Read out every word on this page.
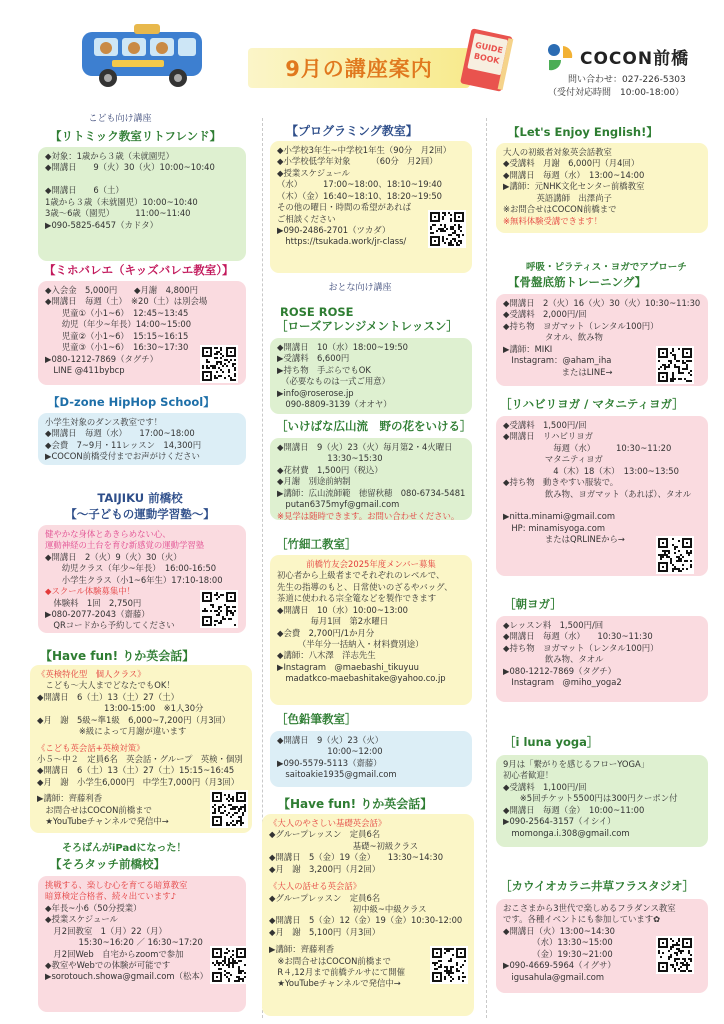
9月の講座案内
GUIDE
BOOK	COCON前橋
問い合わせ：027-226-5303
（受付対応時間　10:00-18:00）
こども向け講座
おとな向け講座
【リトミック教室リトフレンド】
◆対象：1歳から３歳（未就園児）
◆開講日　　9（火）30（火）10:00~10:40

◆開講日　　6（土）
1歳から３歳（未就園児）10:00~10:40
3歳～6歳（園児）　　　11:00~11:40
▶090-5825-6457（カドタ）
【ミホバレエ（キッズバレエ教室）】
◆入会金　5,000円　　◆月謝　4,800円
◆開講日　毎週（土）　※20（土）は別会場
　　児童①（小1~6）　12:45~13:45
　　幼児（年少~年長）14:00~15:00
　　児童②（小1~6）　15:15~16:15
　　児童③（小1~6）　16:30~17:30
▶080-1212-7869（タグチ）
　LINE @411bybcp
【D-zone HipHop School】
小学生対象のダンス教室です！
◆開講日　毎週（水）　　17:00~18:00
◆会費　7~9月・11レッスン　14,300円
▶COCON前橋受付までお声がけください
TAIJIKU 前橋校
【～子どもの運動学習塾～】
健やかな身体とあきらめない心、
運動神経の土台を育む新感覚の運動学習塾
◆開講日　2（火）9（火）30（火）
　　幼児クラス（年少~年長）　16:00-16:50
　　小学生クラス（小1~6年生）17:10-18:00
◆スクール体験募集中！
　体験料　1回　2,750円
▶080-2077-2043（齋藤）
　QRコードから予約してください
【Have fun! りか英会話】
《英検特化型　個人クラス》
　こども～大人までどなたでもOK！
◆開講日　6（土）13（土）27（土）
　　　　　　　　13:00-15:00　※1人30分
◆月　謝　5級~準1級　6,000~7,200円（月3回）
　　　　　※級によって月謝が違います

《こども英会話+英検対策》
小５～中２　定員6名　英会話・グループ　英検・個別
◆開講日　6（土）13（土）27（土）15:15~16:45
◆月　謝　小学生6,000円　中学生7,000円（月3回）

▶講師：齊藤利香
　お問合せはCOCON前橋まで
　★YouTubeチャンネルで発信中→
そろばんがiPadになった！
【そろタッチ前橋校】
挑戦する、楽しむ心を育てる暗算教室
暗算検定合格者、続々出ています♪
◆年長~小6（50分授業）
◆授業スケジュール
　月2回教室　1（月）22（月）
　　　　15:30~16:20 ／ 16:30~17:20
　月2回Web　自宅からzoomで参加
◆教室やWebでの体験が可能です
▶sorotouch.showa@gmail.com（松本）
【プログラミング教室】
◆小学校3年生~中学校1年生（90分　月2回）
◆小学校低学年対象　　　（60分　月2回）
◆授業スケジュール
（水）　　　17:00~18:00、18:10~19:40
（木）（金）16:40~18:10、18:20~19:50
その他の曜日・時間の希望があれば
ご相談ください
▶090-2486-2701（ツカダ）
　https://tsukada.work/jr-class/
ROSE ROSE
［ローズアレンジメントレッスン］
◆開講日　10（水）18:00~19:50
▶受講料　6,600円
▶持ち物　手ぶらでもOK
　（必要なものは一式ご用意）
▶info@roserose.jp
　090-8809-3139（オオヤ）
［いけばな広山流　野の花をいける］
◆開講日　9（火）23（火）毎月第2・4火曜日
　　　　　　13:30~15:30
◆花材費　1,500円（税込）
◆月謝　別途前納制
▶講師：広山流師範　徳留秋穂　080-6734-5481
　putan6375myf@gmail.com
※見学は随時できます。お問い合わせください。
［竹細工教室］
前橋竹友会2025年度メンバー募集
初心者から上級者までそれぞれのレベルで、
先生の指導のもと、日常使いのざるやバッグ、
茶道に使われる宗全篭などを製作できます
◆開講日　10（水）10:00~13:00
　　　　毎月1回　第2水曜日
◆会費　2,700円/1か月分
　　　（半年分一括納入・材料費別途）
◆講師：八木澤　洋志先生
▶Instagram　@maebashi_tikuyuu
　madatkco-maebashitake@yahoo.co.jp
［色鉛筆教室］
◆開講日　9（火）23（火）
　　　　　　10:00~12:00
▶090-5579-5113（齋藤）
　saitoakie1935@gmail.com
【Have fun! りか英会話】
《大人のやさしい基礎英会話》
◆グループレッスン　定員6名
　　　　　　　　　　基礎~初級クラス
◆開講日　5（金）19（金）　　13:30~14:30
◆月　謝　3,200円（月2回）

《大人の話せる英会話》
◆グループレッスン　定員6名
　　　　　　　　　　初中級~中級クラス
◆開講日　5（金）12（金）19（金）10:30-12:00
◆月　謝　5,100円（月3回）

▶講師：齊藤利香
　※お問合せはCOCON前橋まで
　R４,12月まで前橋テルサにて開催
　★YouTubeチャンネルで発信中→
【Let's Enjoy English!】
大人の初級者対象英会話教室
◆受講料　月謝　6,000円（月4回）
◆開講日　毎週（水）　13:00~14:00
▶講師：元NHK文化センター前橋教室
　　　　英語講師　出澤尚子
※お問合せはCOCON前橋まで
※無料体験受講できます！
呼吸・ピラティス・ヨガでアプローチ
【骨盤底筋トレーニング】
◆開講日　2（火）16（火）30（火）10:30~11:30
◆受講料　2,000円/回
◆持ち物　ヨガマット（レンタル100円）
　　　　　タオル、飲み物
▶講師：MIKI
　Instagram：@aham_iha
　　　　　　　またはLINE→
［リハビリヨガ / マタニティヨガ］
◆受講料　1,500円/回
◆開講日　リハビリヨガ
　　　　　　毎週（水）　　　10:30~11:20
　　　　　マタニティヨガ
　　　　　　4（木）18（木）　13:00~13:50
◆持ち物　動きやすい服装で。
　　　　　飲み物、ヨガマット（あれば）、タオル

▶nitta.minami@gmail.com
　HP: minamisyoga.com
　　　　　またはQRLINEから→
［朝ヨガ］
◆レッスン料　1,500円/回
◆開講日　毎週（水）　　10:30~11:30
◆持ち物　ヨガマット（レンタル100円）
　　　　　飲み物、タオル
▶080-1212-7869（タグチ）
　Instagram　@miho_yoga2
［i luna yoga］
9月は「繋がりを感じるフローYOGA」
初心者歓迎！
◆受講料　1,100円/回
　　※5回チケット5500円は300円クーポン付
◆開講日　毎週（金）　10:00~11:00
▶090-2564-3157（イシイ）
　momonga.i.308@gmail.com
［カウイオカラニ井草フラスタジオ］
おこさまから3世代で楽しめるフラダンス教室
です。各種イベントにも参加しています✿
◆開講日（火）13:00~14:30
　　　　（水）13:30~15:00
　　　　（金）19:30~21:00
▶090-4669-5964（イグサ）
　igusahula@gmail.com
